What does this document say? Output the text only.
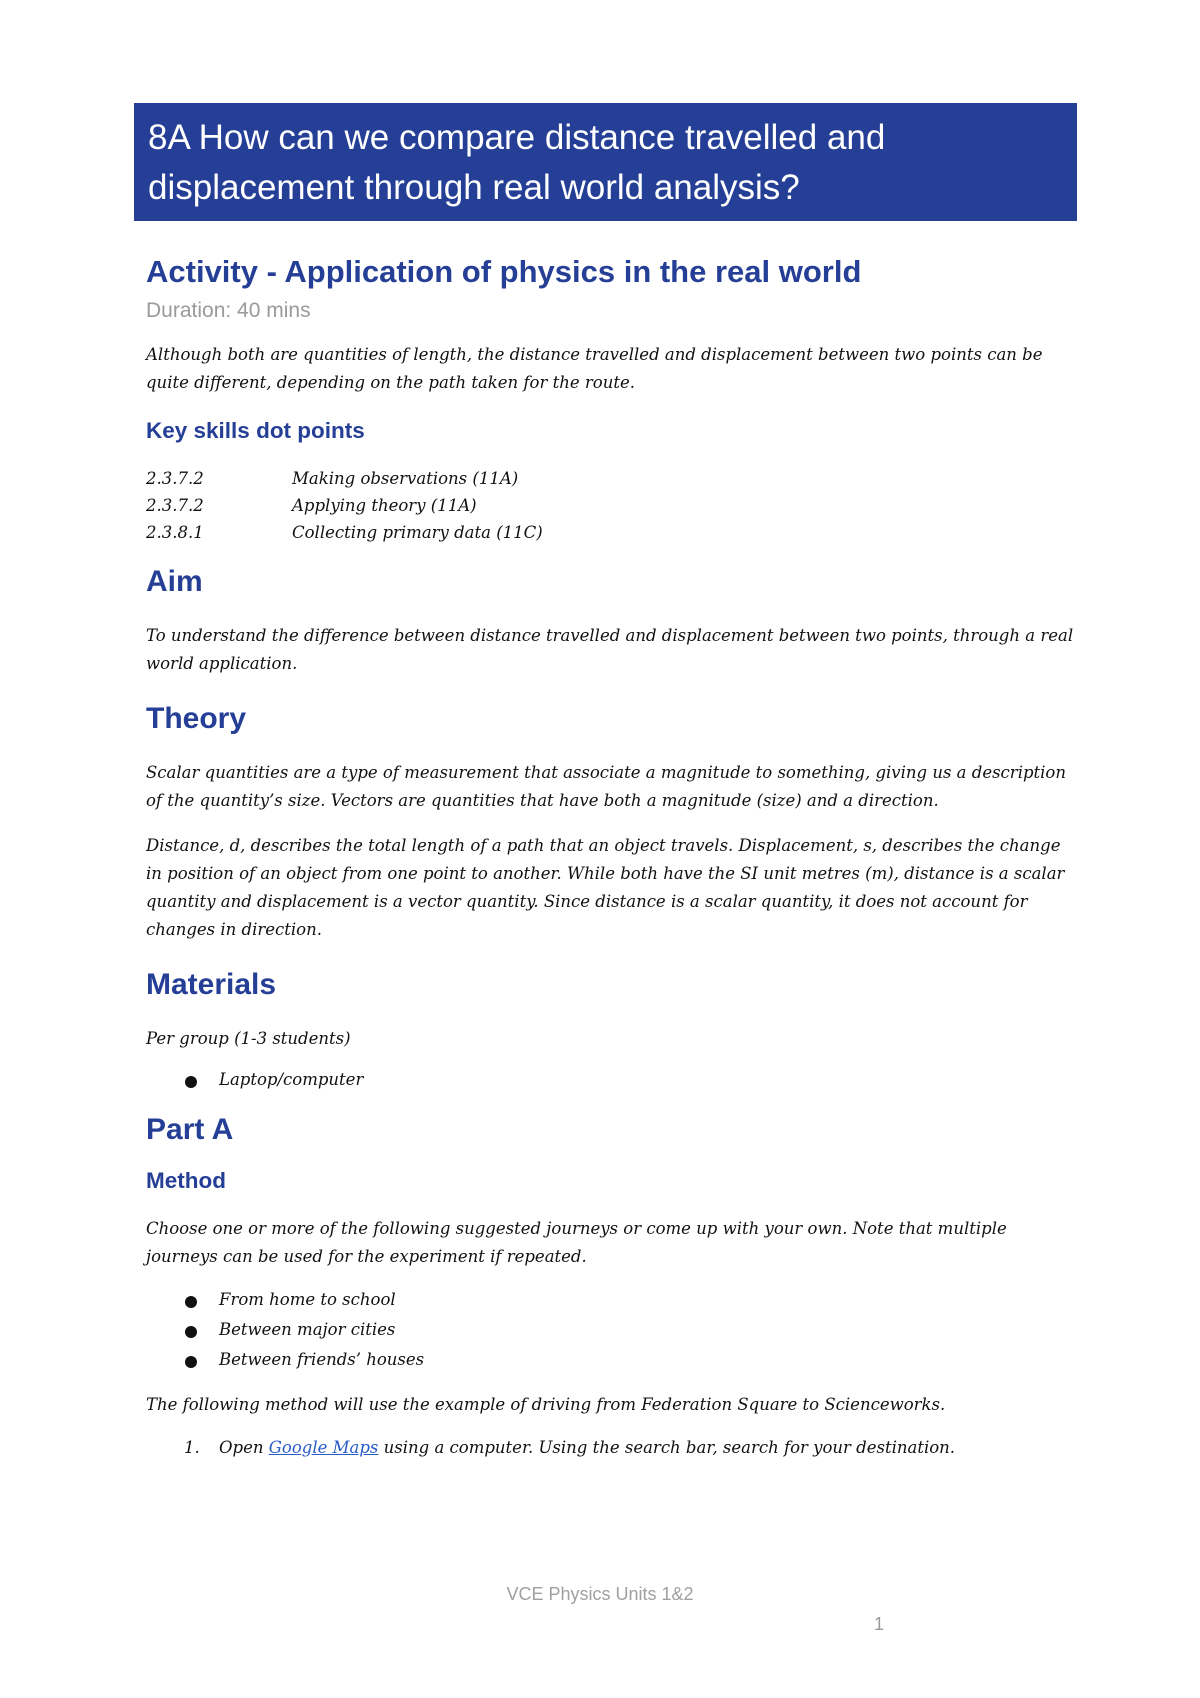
8A How can we compare distance travelled and displacement through real world analysis?
Activity - Application of physics in the real world
Duration: 40 mins

Although both are quantities of length, the distance travelled and displacement between two points can be quite different, depending on the path taken for the route.

Key skills dot points
2.3.7.2	Making observations (11A)
2.3.7.2	Applying theory (11A)
2.3.8.1	Collecting primary data (11C)
Aim

To understand the difference between distance travelled and displacement between two points, through a real world application.

Theory

Scalar quantities are a type of measurement that associate a magnitude to something, giving us a description of the quantity’s size. Vectors are quantities that have both a magnitude (size) and a direction.

Distance, d, describes the total length of a path that an object travels. Displacement, s, describes the change in position of an object from one point to another. While both have the SI unit metres (m), distance is a scalar quantity and displacement is a vector quantity. Since distance is a scalar quantity, it does not account for changes in direction.

Materials

Per group (1-3 students)

Laptop/computer
Part A
Method

Choose one or more of the following suggested journeys or come up with your own. Note that multiple journeys can be used for the experiment if repeated.

From home to school
Between major cities
Between friends’ houses

The following method will use the example of driving from Federation Square to Scienceworks.

1. Open Google Maps using a computer. Using the search bar, search for your destination.
VCE Physics Units 1&2
1
